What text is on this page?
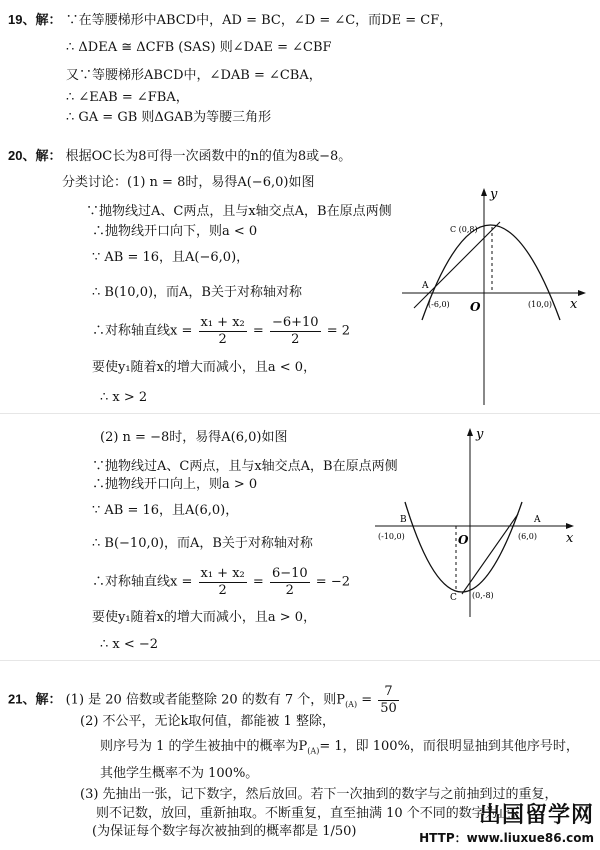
19、解： ∵在等腰梯形中ABCD中，AD = BC，∠D = ∠C，而DE = CF，
∴ ΔDEA ≅ ΔCFB (SAS) 则∠DAE = ∠CBF
又∵等腰梯形ABCD中，∠DAB = ∠CBA，
∴ ∠EAB = ∠FBA，
∴ GA = GB 则ΔGAB为等腰三角形
20、解： 根据OC长为8可得一次函数中的n的值为8或−8。
分类讨论：(1) n = 8时，易得A(−6,0)如图
∵抛物线过A、C两点，且与x轴交点A，B在原点两侧
∴抛物线开口向下，则a < 0
∵ AB = 16，且A(−6,0)，
∴ B(10,0)，而A，B关于对称轴对称
∴对称轴直线$x = \frac{\text{x₁ + x₂}}{2} = \frac{-6+10}{2} = 2$
要使y₁随着x的增大而减小，且a < 0，
∴ x > 2
y
x
O
C (0,8)
A
(-6,0)	(10,0)
(2) n = −8时，易得A(6,0)如图
∵抛物线过A、C两点，且与x轴交点A，B在原点两侧
∴抛物线开口向上，则a > 0
∵ AB = 16，且A(6,0)，
∴ B(−10,0)，而A，B关于对称轴对称
∴对称轴直线$x = \frac{\text{x₁ + x₂}}{2} = \frac{6-10}{2} = -2$
要使y₁随着x的增大而减小，且a > 0，
∴ x < −2
y
x
O
B
(-10,0)
A
(6,0)
C (0,-8)
21、解： (1) 是 20 倍数或者能整除 20 的数有 7 个，则$P_{(A)} = \frac{7}{50}$
(2) 不公平，无论k取何值，都能被 1 整除，
则序号为 1 的学生被抽中的概率为$P_{(A)}= 1$，即 100%，而很明显抽到其他序号时，
其他学生概率不为 100%。
(3) 先抽出一张，记下数字，然后放回。若下一次抽到的数字与之前抽到过的重复，
则不记数，放回，重新抽取。不断重复，直至抽满 10 个不同的数字为止。
(为保证每个数字每次被抽到的概率都是 1/50)
出国留学网
HTTP：www.liuxue86.com
